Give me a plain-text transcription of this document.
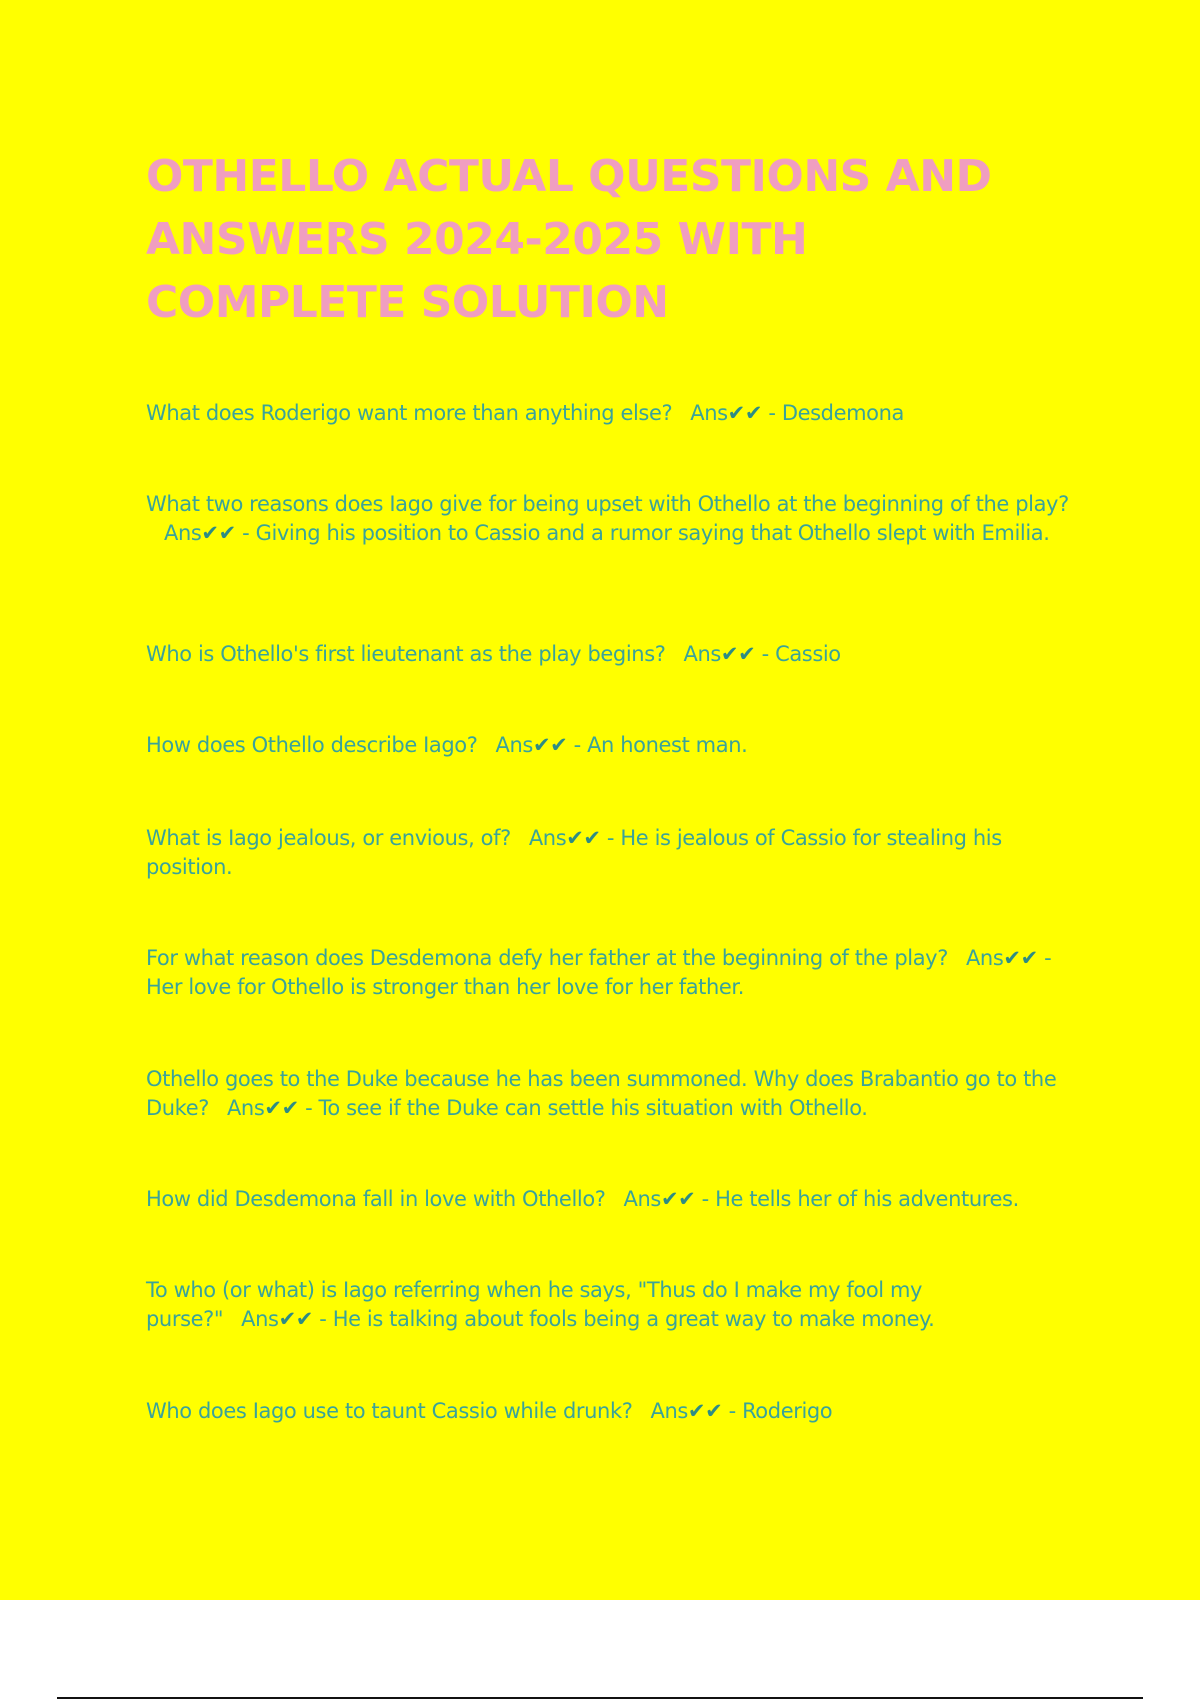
OTHELLO ACTUAL QUESTIONS AND ANSWERS 2024-2025 WITH COMPLETE SOLUTION

What does Roderigo want more than anything else? Ans✔✔ - Desdemona

What two reasons does Iago give for being upset with Othello at the beginning of the play?Ans✔✔ - Giving his position to Cassio and a rumor saying that Othello slept with Emilia.

Who is Othello's first lieutenant as the play begins? Ans✔✔ - Cassio

How does Othello describe Iago? Ans✔✔ - An honest man.

What is Iago jealous, or envious, of? Ans✔✔ - He is jealous of Cassio for stealing his position.

For what reason does Desdemona defy her father at the beginning of the play? Ans✔✔ - Her love for Othello is stronger than her love for her father.

Othello goes to the Duke because he has been summoned. Why does Brabantio go to the Duke? Ans✔✔ - To see if the Duke can settle his situation with Othello.

How did Desdemona fall in love with Othello? Ans✔✔ - He tells her of his adventures.

To who (or what) is Iago referring when he says, "Thus do I make my fool my purse?" Ans✔✔ - He is talking about fools being a great way to make money.

Who does Iago use to taunt Cassio while drunk? Ans✔✔ - Roderigo
